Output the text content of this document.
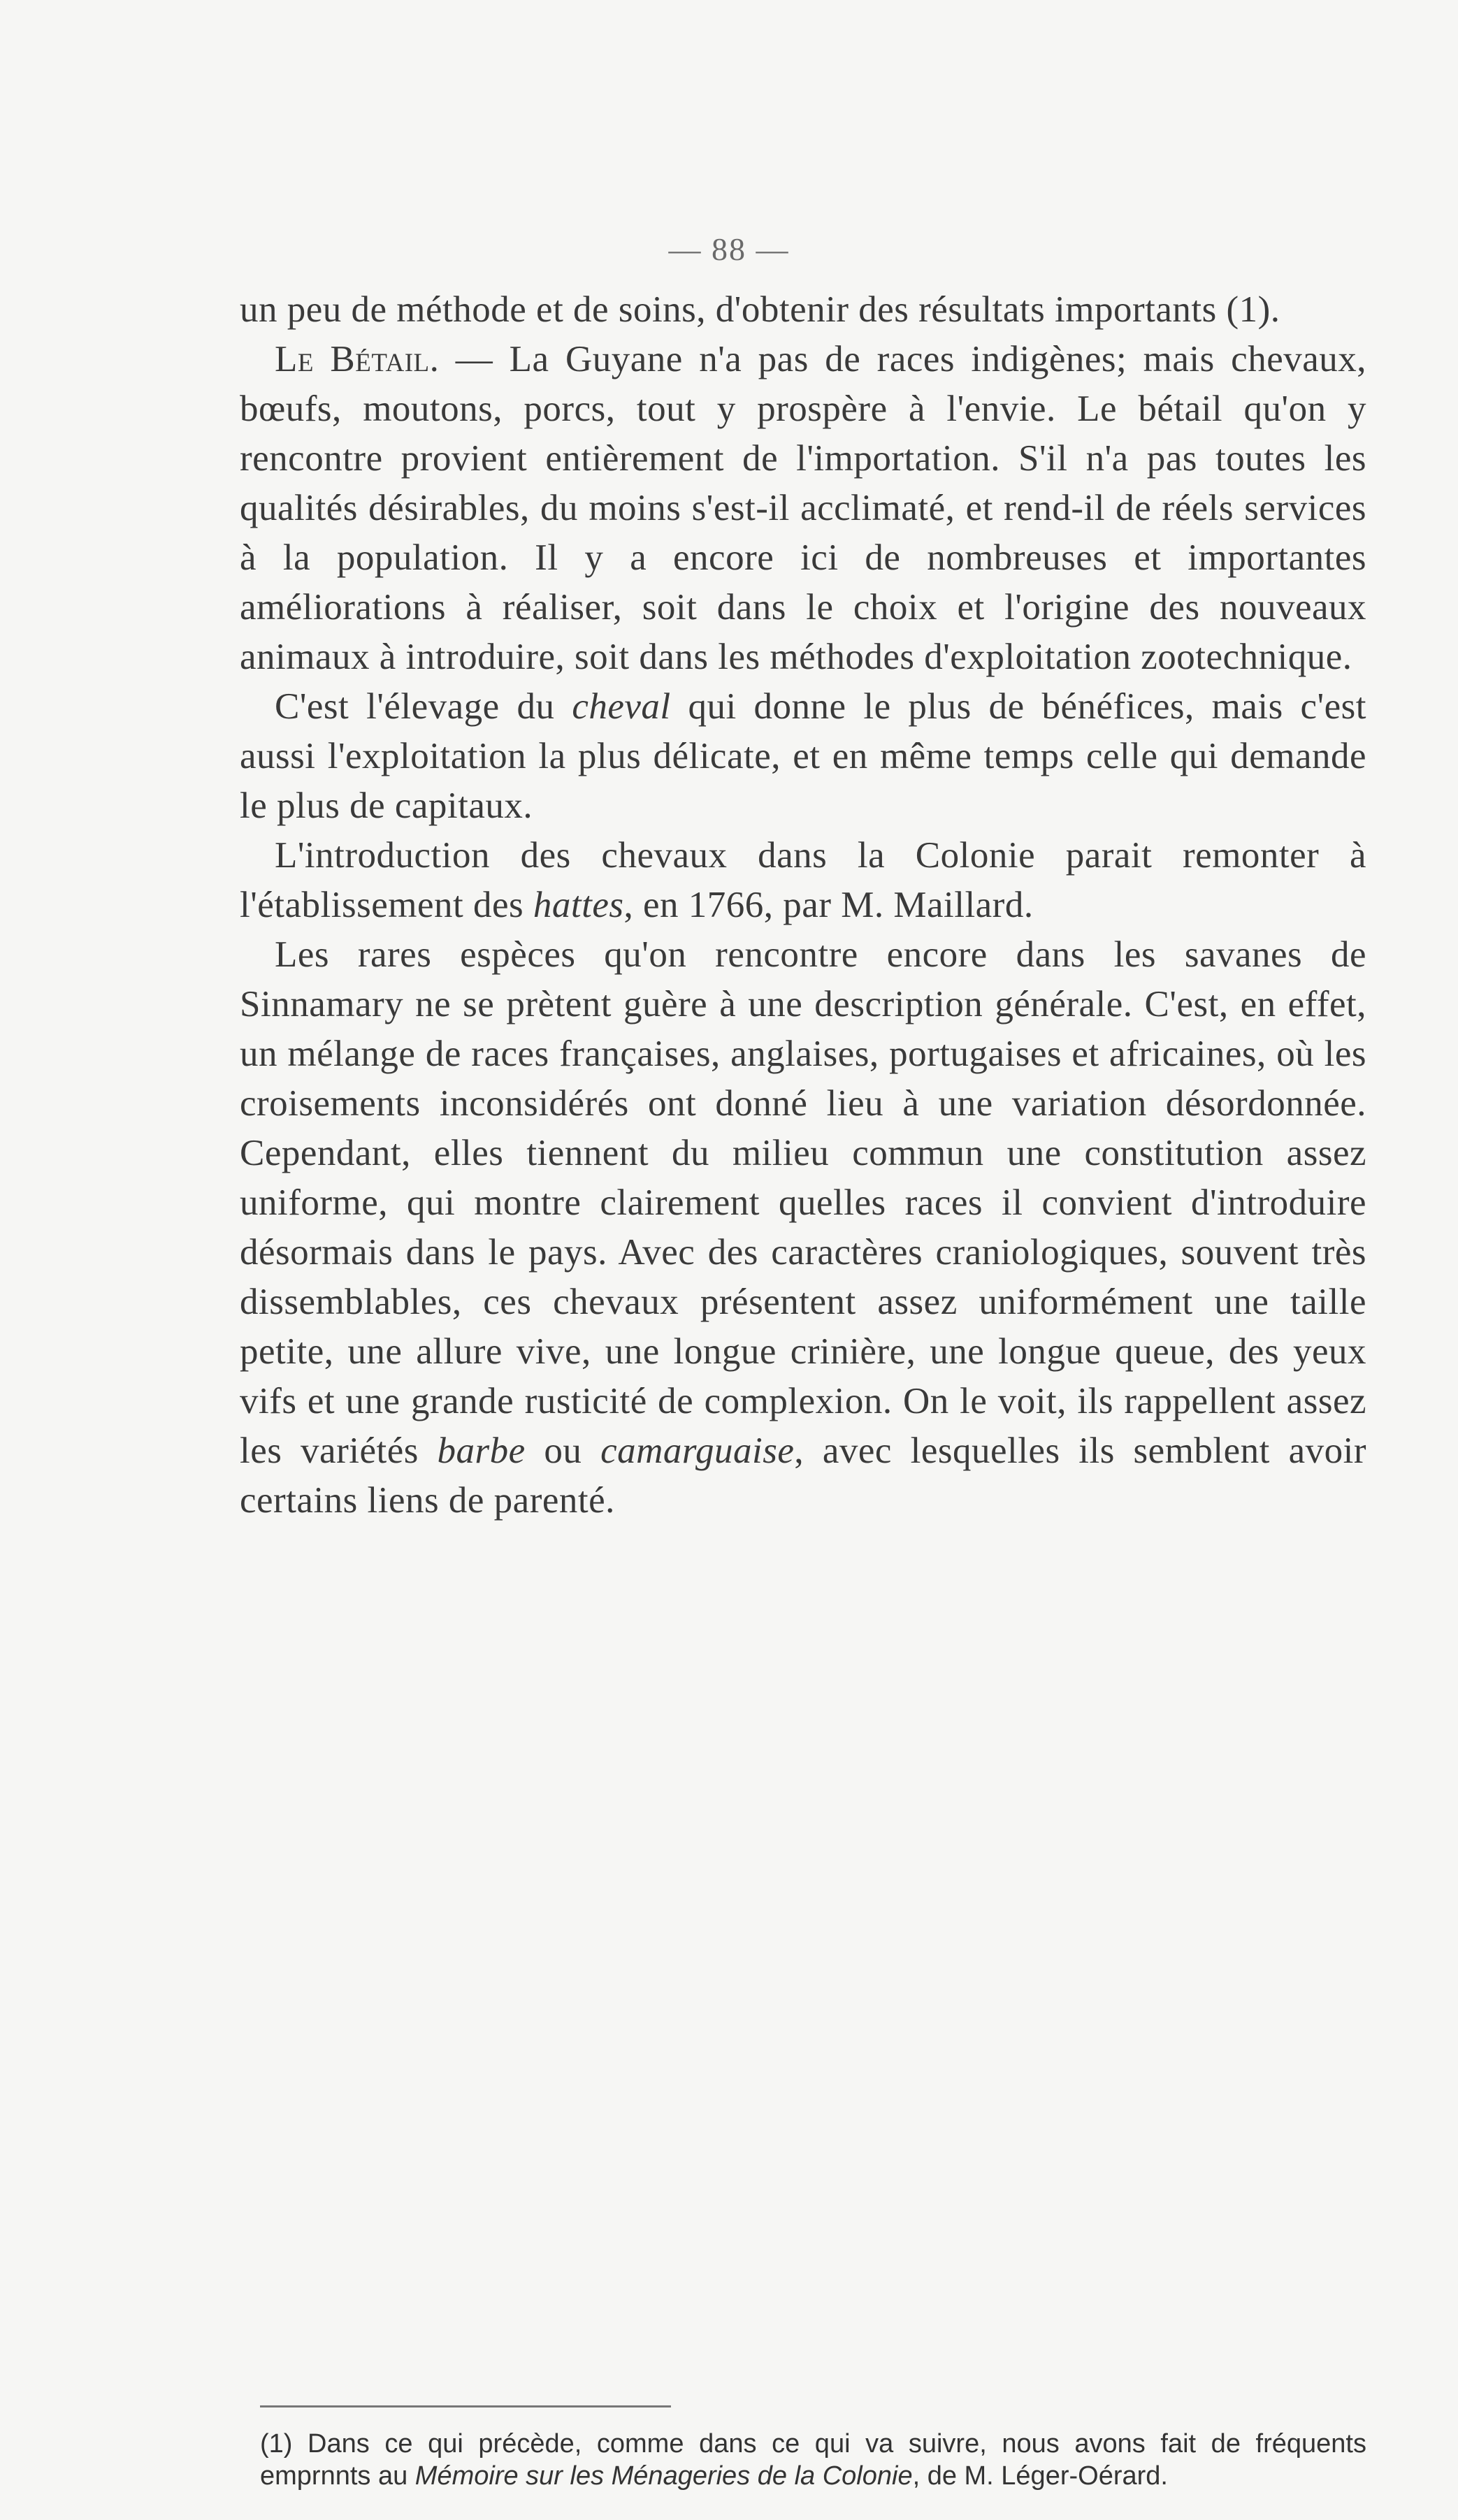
— 88 —

un peu de méthode et de soins, d'obtenir des résultats importants (1).

Le Bétail. — La Guyane n'a pas de races indigènes; mais chevaux, bœufs, moutons, porcs, tout y prospère à l'envie. Le bétail qu'on y rencontre provient entièrement de l'importation. S'il n'a pas toutes les qualités désirables, du moins s'est-il acclimaté, et rend-il de réels services à la population. Il y a encore ici de nombreuses et importantes améliorations à réaliser, soit dans le choix et l'origine des nouveaux animaux à introduire, soit dans les méthodes d'exploitation zootechnique.

C'est l'élevage du cheval qui donne le plus de bénéfices, mais c'est aussi l'exploitation la plus délicate, et en même temps celle qui demande le plus de capitaux.

L'introduction des chevaux dans la Colonie parait remonter à l'établissement des hattes, en 1766, par M. Maillard.

Les rares espèces qu'on rencontre encore dans les savanes de Sinnamary ne se prètent guère à une description générale. C'est, en effet, un mélange de races françaises, anglaises, portugaises et africaines, où les croisements inconsidérés ont donné lieu à une variation désordonnée. Cependant, elles tiennent du milieu commun une constitution assez uniforme, qui montre clairement quelles races il convient d'introduire désormais dans le pays. Avec des caractères craniologiques, souvent très dissemblables, ces chevaux présentent assez uniformément une taille petite, une allure vive, une longue crinière, une longue queue, des yeux vifs et une grande rusticité de complexion. On le voit, ils rappellent assez les variétés barbe ou camarguaise, avec lesquelles ils semblent avoir certains liens de parenté.

(1) Dans ce qui précède, comme dans ce qui va suivre, nous avons fait de fréquents emprnnts au Mémoire sur les Ménageries de la Colonie, de M. Léger-Oérard.
